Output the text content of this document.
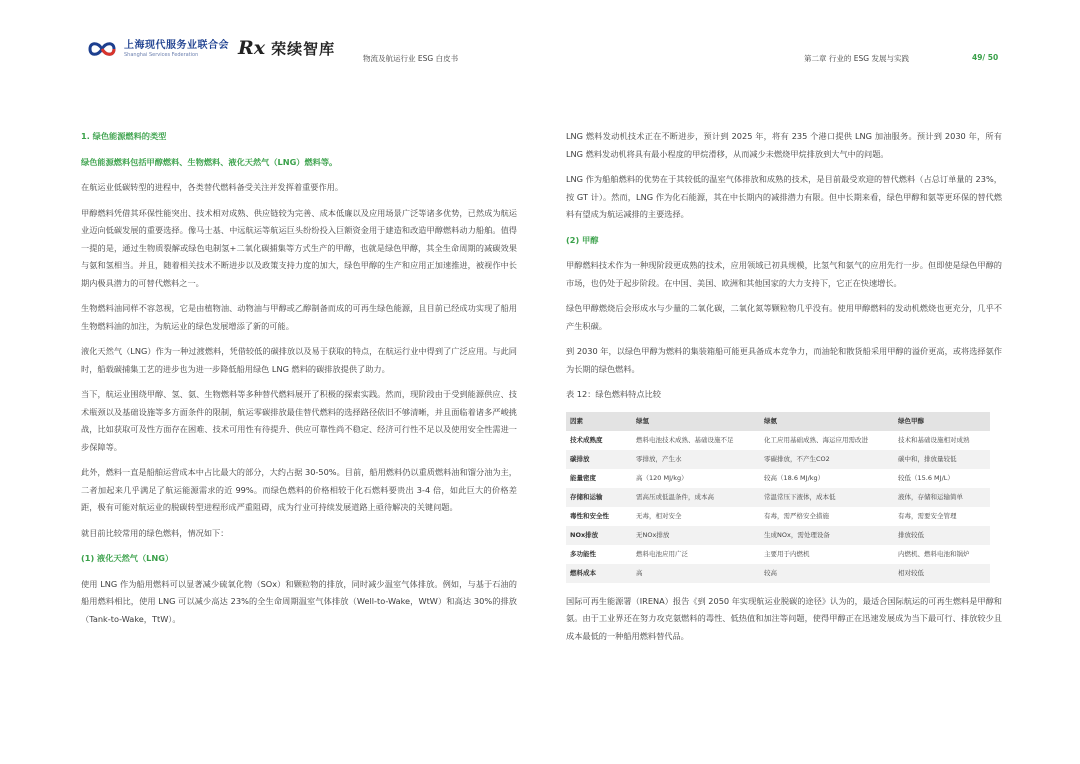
上海现代服务业联合会
Shanghai Services Federation	Rx 荣续智库
物流及航运行业 ESG 白皮书	第二章 行业的 ESG 发展与实践	49/ 50

1. 绿色能源燃料的类型

绿色能源燃料包括甲醇燃料、生物燃料、液化天然气（LNG）燃料等。

在航运业低碳转型的进程中，各类替代燃料备受关注并发挥着重要作用。

甲醇燃料凭借其环保性能突出、技术相对成熟、供应链较为完善、成本低廉以及应用场景广泛等诸多优势，已然成为航运业迈向低碳发展的重要选择。像马士基、中远航运等航运巨头纷纷投入巨额资金用于建造和改造甲醇燃料动力船舶。值得一提的是，通过生物质裂解或绿色电制氢+二氧化碳捕集等方式生产的甲醇，也就是绿色甲醇，其全生命周期的减碳效果与氨和氢相当。并且，随着相关技术不断进步以及政策支持力度的加大，绿色甲醇的生产和应用正加速推进，被视作中长期内极具潜力的可替代燃料之一。

生物燃料油同样不容忽视，它是由植物油、动物油与甲醇或乙醇制备而成的可再生绿色能源，且目前已经成功实现了船用生物燃料油的加注，为航运业的绿色发展增添了新的可能。

液化天然气（LNG）作为一种过渡燃料，凭借较低的碳排放以及易于获取的特点，在航运行业中得到了广泛应用。与此同时，船载碳捕集工艺的进步也为进一步降低船用绿色 LNG 燃料的碳排放提供了助力。

当下，航运业围绕甲醇、氢、氨、生物燃料等多种替代燃料展开了积极的探索实践。然而，现阶段由于受到能源供应、技术瓶颈以及基础设施等多方面条件的限制，航运零碳排放最佳替代燃料的选择路径依旧不够清晰，并且面临着诸多严峻挑战，比如获取可及性方面存在困难、技术可用性有待提升、供应可靠性尚不稳定、经济可行性不足以及使用安全性需进一步保障等。

此外，燃料一直是船舶运营成本中占比最大的部分，大约占据 30-50%。目前，船用燃料仍以重质燃料油和馏分油为主，二者加起来几乎满足了航运能源需求的近 99%。而绿色燃料的价格相较于化石燃料要贵出 3-4 倍，如此巨大的价格差距，极有可能对航运业的脱碳转型进程形成严重阻碍，成为行业可持续发展道路上亟待解决的关键问题。

就目前比较常用的绿色燃料，情况如下：

(1) 液化天然气（LNG）

使用 LNG 作为船用燃料可以显著减少硫氧化物（SOx）和颗粒物的排放，同时减少温室气体排放。例如，与基于石油的船用燃料相比，使用 LNG 可以减少高达 23%的全生命周期温室气体排放（Well-to-Wake，WtW）和高达 30%的排放（Tank-to-Wake，TtW）。

LNG 燃料发动机技术正在不断进步，预计到 2025 年，将有 235 个港口提供 LNG 加油服务。预计到 2030 年，所有 LNG 燃料发动机将具有最小程度的甲烷滑移，从而减少未燃烧甲烷排放到大气中的问题。

LNG 作为船舶燃料的优势在于其较低的温室气体排放和成熟的技术，是目前最受欢迎的替代燃料（占总订单量的 23%，按 GT 计）。然而，LNG 作为化石能源，其在中长期内的减排潜力有限。但中长期来看，绿色甲醇和氨等更环保的替代燃料有望成为航运减排的主要选择。

(2) 甲醇

甲醇燃料技术作为一种现阶段更成熟的技术，应用领域已初具规模，比氢气和氨气的应用先行一步。但即使是绿色甲醇的市场，也仍处于起步阶段。在中国、美国、欧洲和其他国家的大力支持下，它正在快速增长。

绿色甲醇燃烧后会形成水与少量的二氧化碳，二氧化氮等颗粒物几乎没有。使用甲醇燃料的发动机燃烧也更充分，几乎不产生积碳。

到 2030 年，以绿色甲醇为燃料的集装箱船可能更具备成本竞争力，而油轮和散货船采用甲醇的溢价更高，或将选择氨作为长期的绿色燃料。

表 12：绿色燃料特点比较

因素	绿氢	绿氨	绿色甲醇
技术成熟度	燃料电池技术成熟、基础设施不足	化工应用基础成熟、海运应用需改进	技术和基础设施相对成熟
碳排放	零排放，产生水	零碳排放，不产生CO2	碳中和，排放量较低
能量密度	高（120 MJ/kg）	较高（18.6 MJ/kg）	较低（15.6 MJ/L）
存储和运输	需高压或低温条件，成本高	常温常压下液体，成本低	液体，存储和运输简单
毒性和安全性	无毒，相对安全	有毒，需严格安全措施	有毒，需要安全管理
NOx排放	无NOx排放	生成NOx，需处理设备	排放较低
多功能性	燃料电池应用广泛	主要用于内燃机	内燃机、燃料电池和锅炉
燃料成本	高	较高	相对较低

国际可再生能源署（IRENA）报告《到 2050 年实现航运业脱碳的途径》认为的，最适合国际航运的可再生燃料是甲醇和氨。由于工业界还在努力攻克氨燃料的毒性、低热值和加注等问题，使得甲醇正在迅速发展成为当下最可行、排放较少且成本最低的一种船用燃料替代品。
